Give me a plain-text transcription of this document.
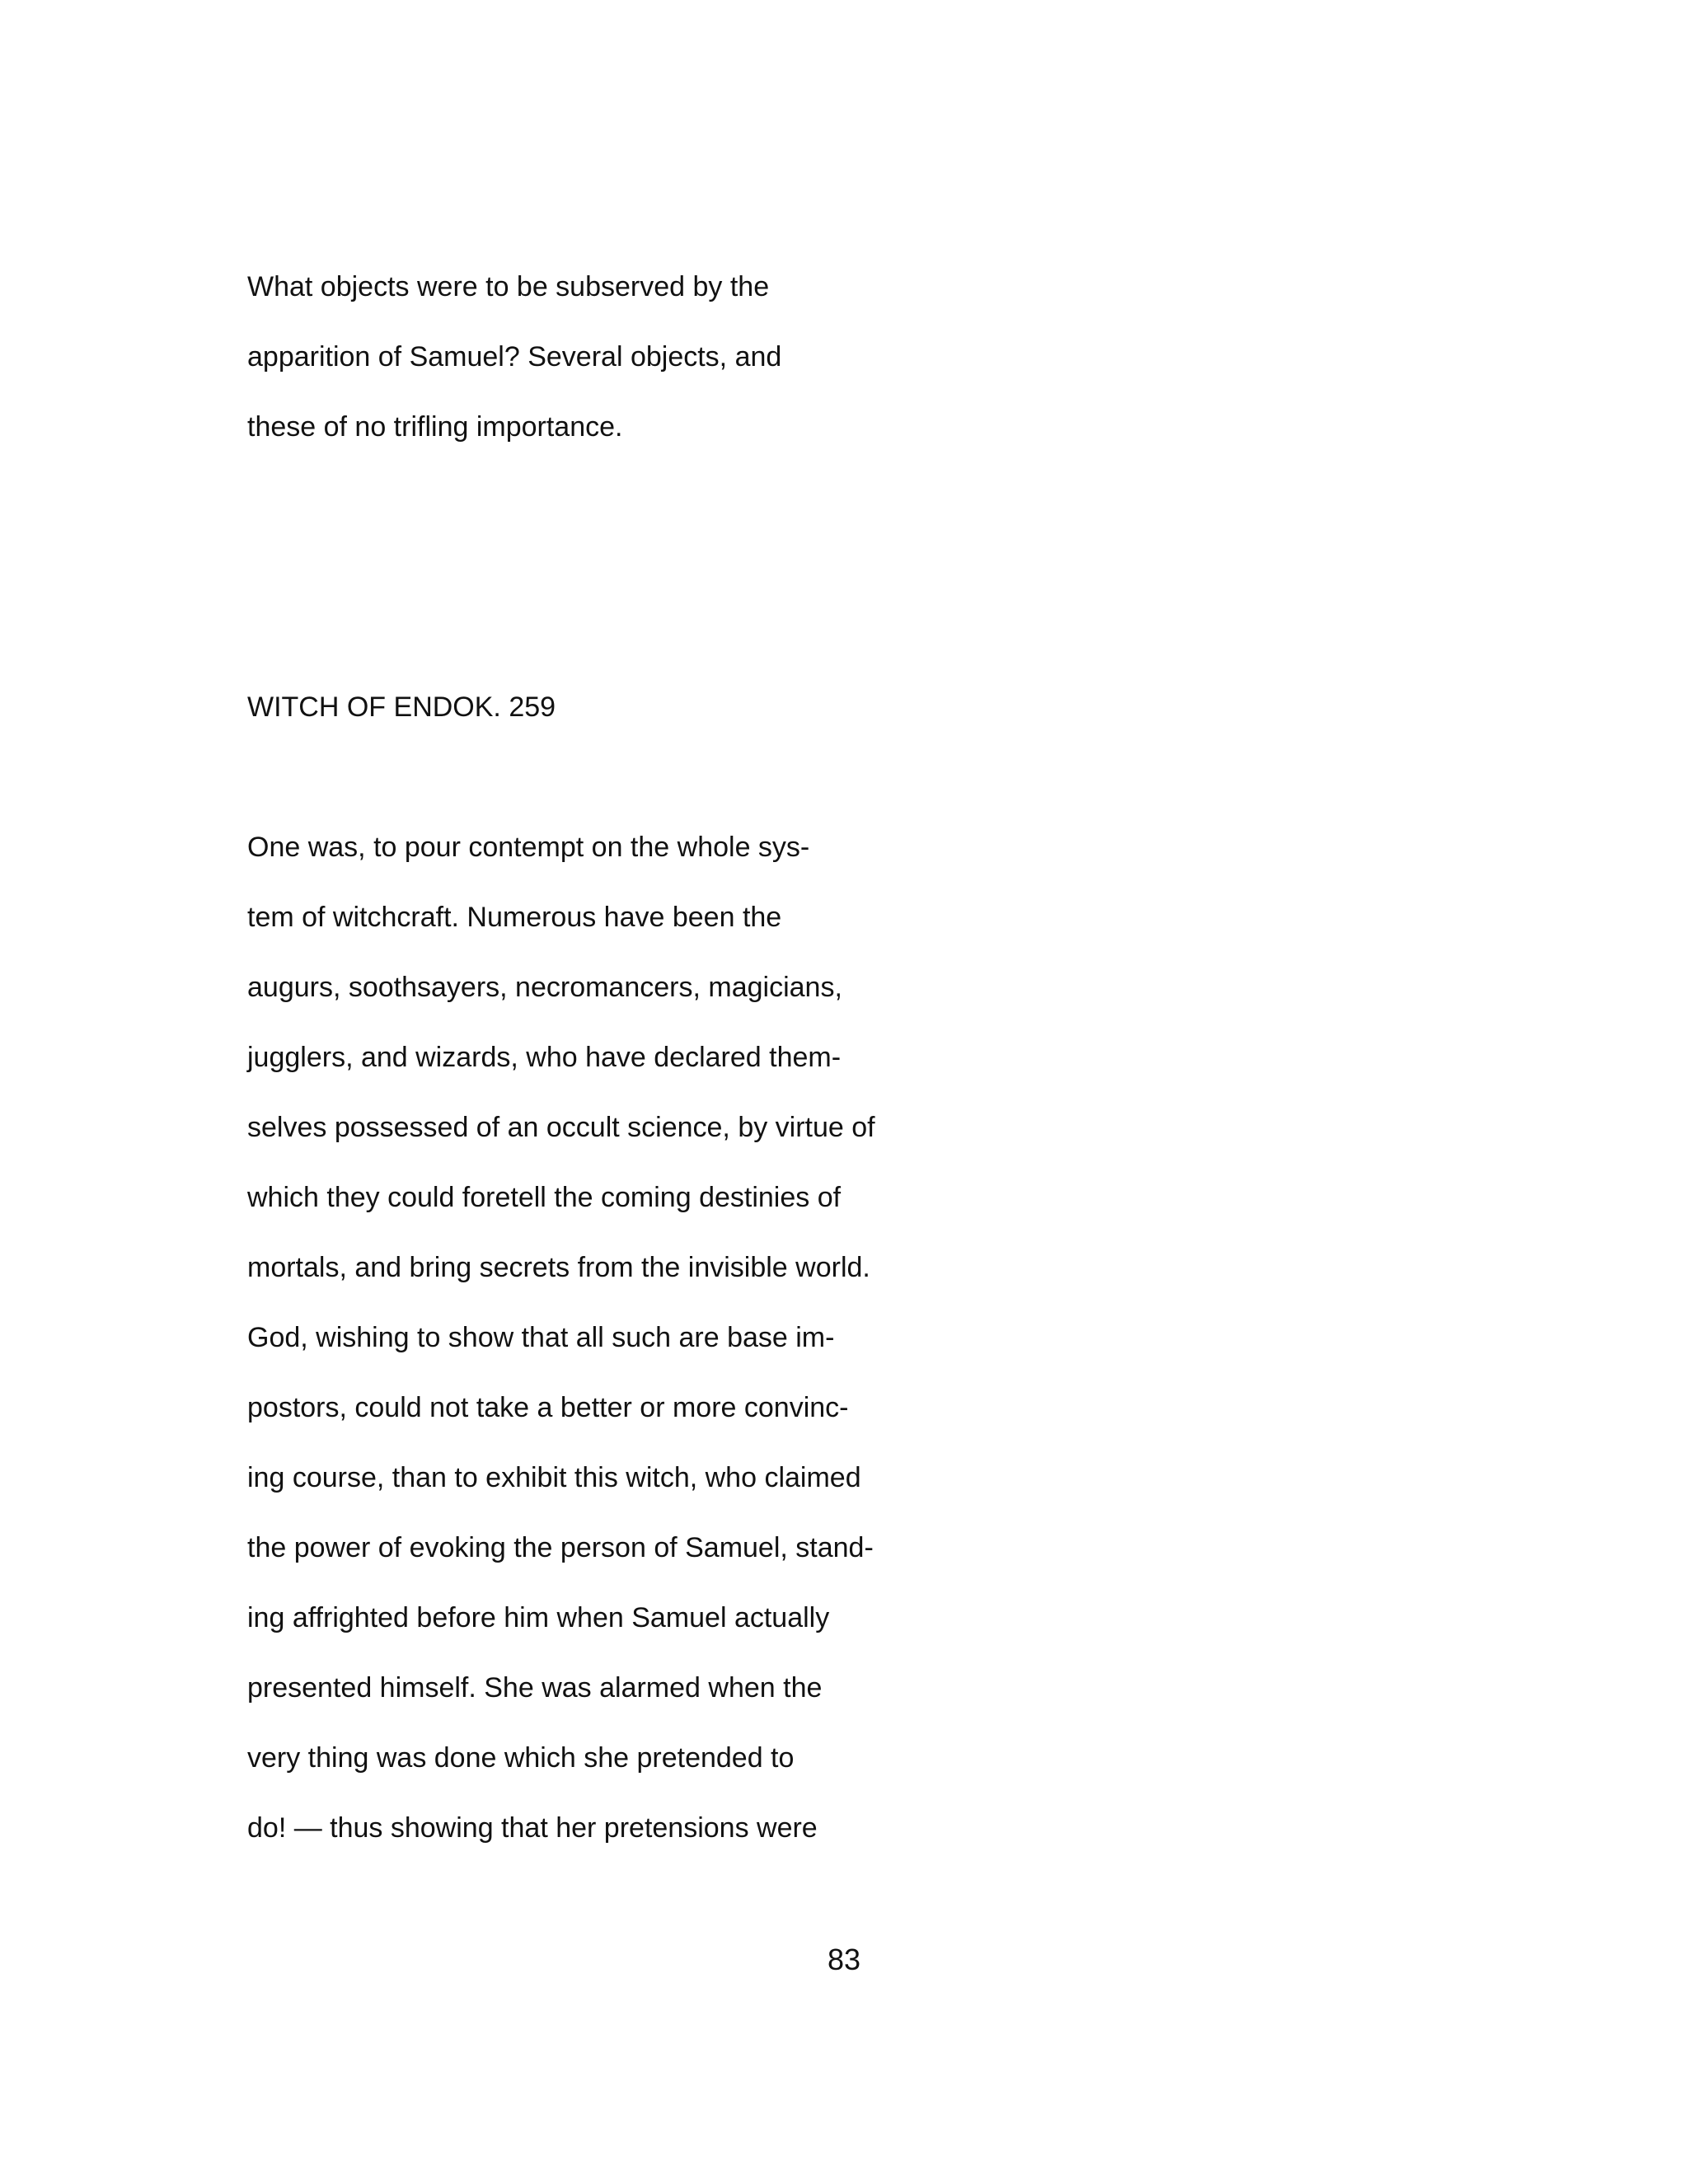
What objects were to be subserved by the
apparition of Samuel? Several objects, and
these of no trifling importance.
WITCH OF ENDOK. 259
One was, to pour contempt on the whole sys-
tem of witchcraft. Numerous have been the
augurs, soothsayers, necromancers, magicians,
jugglers, and wizards, who have declared them-
selves possessed of an occult science, by virtue of
which they could foretell the coming destinies of
mortals, and bring secrets from the invisible world.
God, wishing to show that all such are base im-
postors, could not take a better or more convinc-
ing course, than to exhibit this witch, who claimed
the power of evoking the person of Samuel, stand-
ing affrighted before him when Samuel actually
presented himself. She was alarmed when the
very thing was done which she pretended to
do! — thus showing that her pretensions were
83
